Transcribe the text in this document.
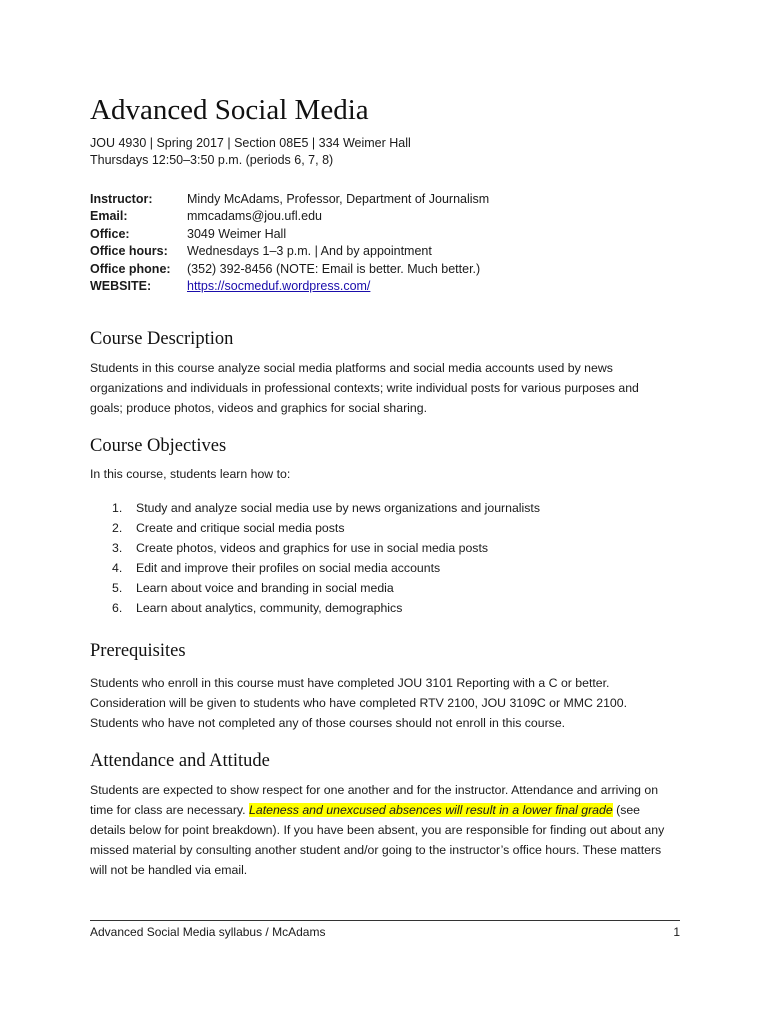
Advanced Social Media
JOU 4930 | Spring 2017 | Section 08E5 | 334 Weimer Hall
Thursdays 12:50–3:50 p.m. (periods 6, 7, 8)
Instructor:	Mindy McAdams, Professor, Department of Journalism
Email:	mmcadams@jou.ufl.edu
Office:	3049 Weimer Hall
Office hours:	Wednesdays 1–3 p.m. | And by appointment
Office phone:	(352) 392-8456 (NOTE: Email is better. Much better.)
WEBSITE:	https://socmeduf.wordpress.com/
Course Description

Students in this course analyze social media platforms and social media accounts used by news organizations and individuals in professional contexts; write individual posts for various purposes and goals; produce photos, videos and graphics for social sharing.

Course Objectives

In this course, students learn how to:

1.	Study and analyze social media use by news organizations and journalists
2.	Create and critique social media posts
3.	Create photos, videos and graphics for use in social media posts
4.	Edit and improve their profiles on social media accounts
5.	Learn about voice and branding in social media
6.	Learn about analytics, community, demographics
Prerequisites

Students who enroll in this course must have completed JOU 3101 Reporting with a C or better. Consideration will be given to students who have completed RTV 2100, JOU 3109C or MMC 2100. Students who have not completed any of those courses should not enroll in this course.

Attendance and Attitude

Students are expected to show respect for one another and for the instructor. Attendance and arriving on time for class are necessary. Lateness and unexcused absences will result in a lower final grade (see details below for point breakdown). If you have been absent, you are responsible for finding out about any missed material by consulting another student and/or going to the instructor’s office hours. These matters will not be handled via email.

Advanced Social Media syllabus / McAdams	1
